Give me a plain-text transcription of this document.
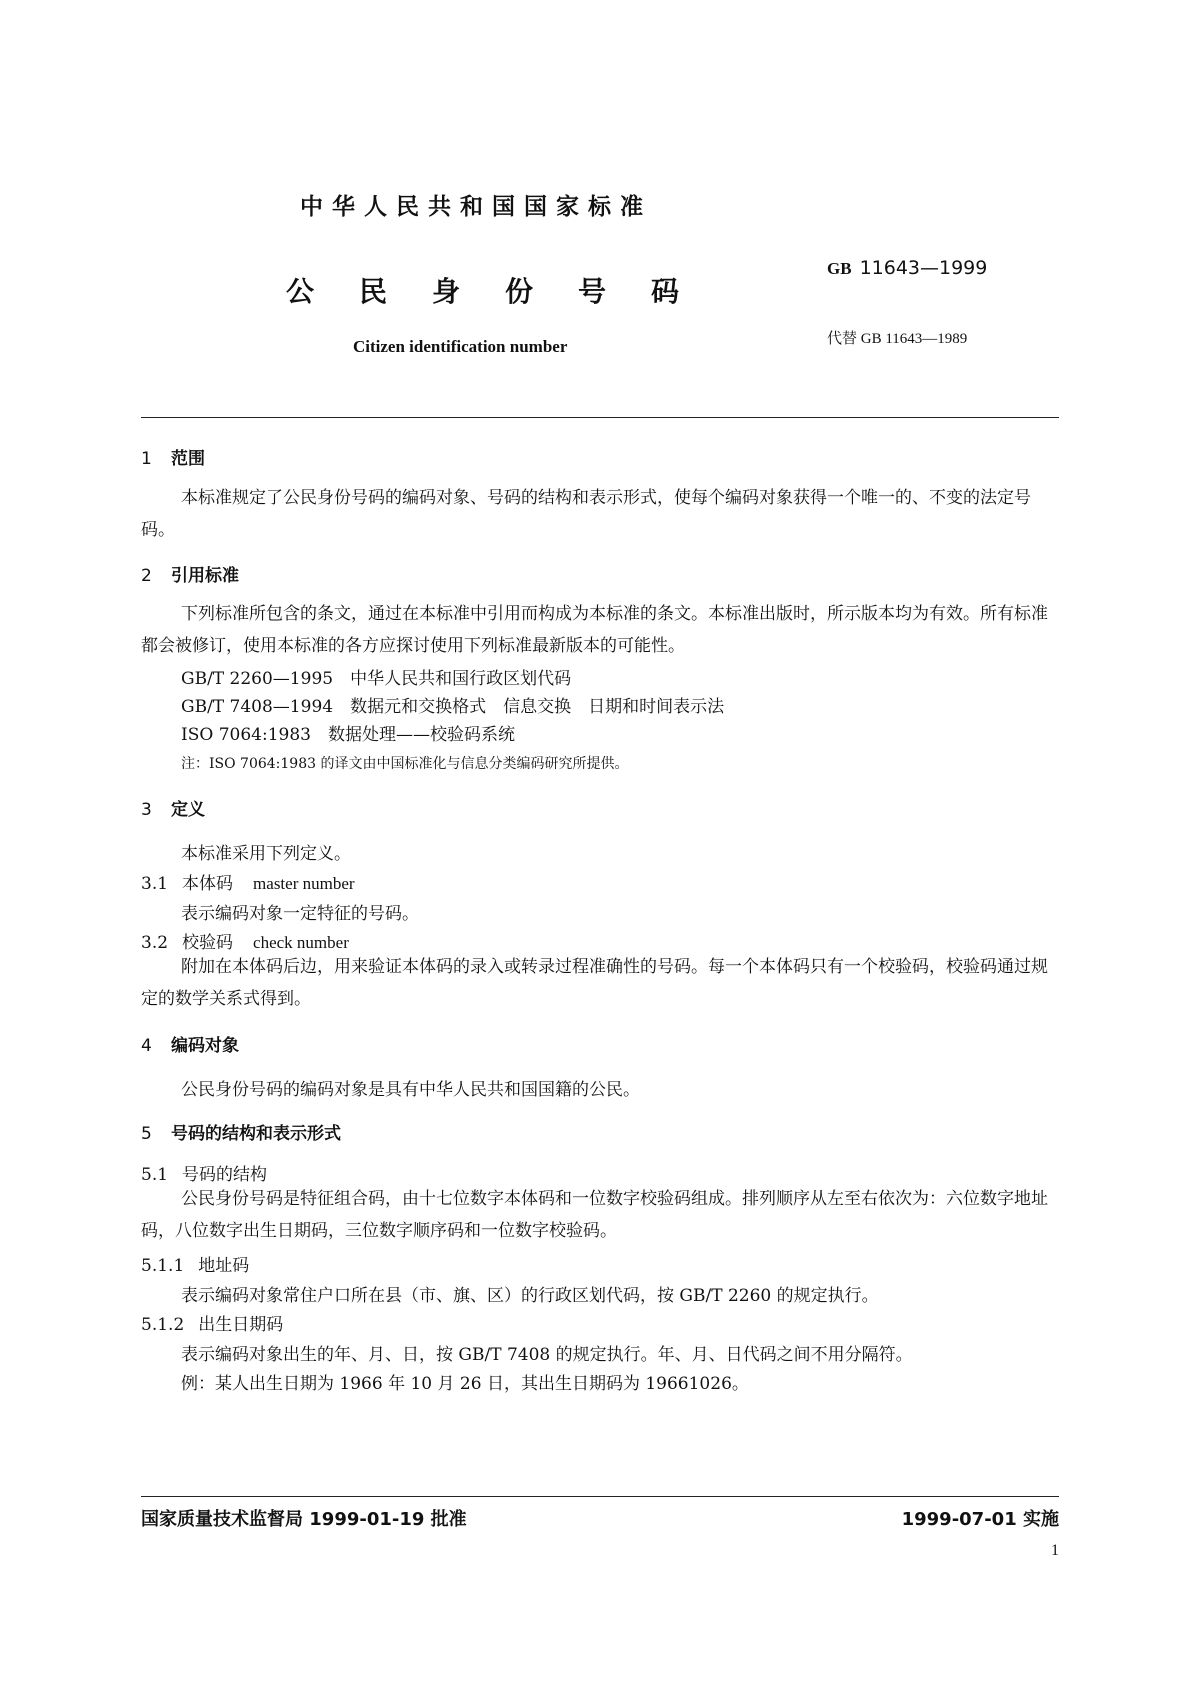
中华人民共和国国家标准
公民身份号码
Citizen identification number
GB 11643—1999
代替 GB 11643—1989
1 范围
本标准规定了公民身份号码的编码对象、号码的结构和表示形式，使每个编码对象获得一个唯一的、不变的法定号码。
2 引用标准
下列标准所包含的条文，通过在本标准中引用而构成为本标准的条文。本标准出版时，所示版本均为有效。所有标准都会被修订，使用本标准的各方应探讨使用下列标准最新版本的可能性。
GB/T 2260—1995　中华人民共和国行政区划代码
GB/T 7408—1994　数据元和交换格式　信息交换　日期和时间表示法
ISO 7064:1983　数据处理——校验码系统
注：ISO 7064:1983 的译文由中国标准化与信息分类编码研究所提供。
3 定义
本标准采用下列定义。
3.1 本体码 master number
表示编码对象一定特征的号码。
3.2 校验码 check number
附加在本体码后边，用来验证本体码的录入或转录过程准确性的号码。每一个本体码只有一个校验码，校验码通过规定的数学关系式得到。
4 编码对象
公民身份号码的编码对象是具有中华人民共和国国籍的公民。
5 号码的结构和表示形式
5.1 号码的结构
公民身份号码是特征组合码，由十七位数字本体码和一位数字校验码组成。排列顺序从左至右依次为：六位数字地址码，八位数字出生日期码，三位数字顺序码和一位数字校验码。
5.1.1 地址码
表示编码对象常住户口所在县（市、旗、区）的行政区划代码，按 GB/T 2260 的规定执行。
5.1.2 出生日期码
表示编码对象出生的年、月、日，按 GB/T 7408 的规定执行。年、月、日代码之间不用分隔符。
例：某人出生日期为 1966 年 10 月 26 日，其出生日期码为 19661026。
国家质量技术监督局 1999-01-19 批准	1999-07-01 实施
1
